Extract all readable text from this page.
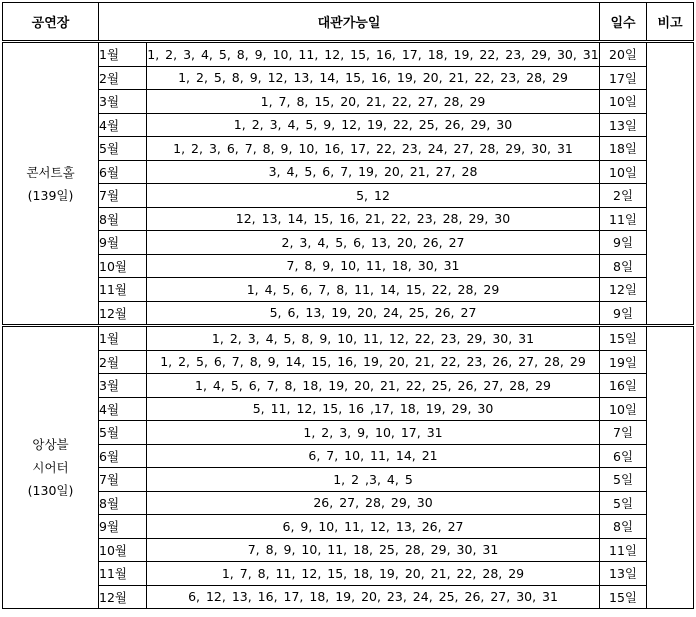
공연장	대관가능일		일수	비고

콘서트홀
(139일)	1월	1, 2, 3, 4, 5, 8, 9, 10, 11, 12, 15, 16, 17, 18, 19, 22, 23, 29, 30, 31	20일	
	2월	1, 2, 5, 8, 9, 12, 13, 14, 15, 16, 19, 20, 21, 22, 23, 28, 29	17일	
	3월	1, 7, 8, 15, 20, 21, 22, 27, 28, 29	10일	
	4월	1, 2, 3, 4, 5, 9, 12, 19, 22, 25, 26, 29, 30	13일	
	5월	1, 2, 3, 6, 7, 8, 9, 10, 16, 17, 22, 23, 24, 27, 28, 29, 30, 31	18일	
	6월	3, 4, 5, 6, 7, 19, 20, 21, 27, 28	10일	
	7월	5, 12	2일	
	8월	12, 13, 14, 15, 16, 21, 22, 23, 28, 29, 30	11일	
	9월	2, 3, 4, 5, 6, 13, 20, 26, 27	9일	
	10월	7, 8, 9, 10, 11, 18, 30, 31	8일	
	11월	1, 4, 5, 6, 7, 8, 11, 14, 15, 22, 28, 29	12일	
	12월	5, 6, 13, 19, 20, 24, 25, 26, 27	9일	

앙상블
시어터
(130일)	1월	1, 2, 3, 4, 5, 8, 9, 10, 11, 12, 22, 23, 29, 30, 31	15일	
	2월	1, 2, 5, 6, 7, 8, 9, 14, 15, 16, 19, 20, 21, 22, 23, 26, 27, 28, 29	19일	
	3월	1, 4, 5, 6, 7, 8, 18, 19, 20, 21, 22, 25, 26, 27, 28, 29	16일	
	4월	5, 11, 12, 15, 16 ,17, 18, 19, 29, 30	10일	
	5월	1, 2, 3, 9, 10, 17, 31	7일	
	6월	6, 7, 10, 11, 14, 21	6일	
	7월	1, 2 ,3, 4, 5	5일	
	8월	26, 27, 28, 29, 30	5일	
	9월	6, 9, 10, 11, 12, 13, 26, 27	8일	
	10월	7, 8, 9, 10, 11, 18, 25, 28, 29, 30, 31	11일	
	11월	1, 7, 8, 11, 12, 15, 18, 19, 20, 21, 22, 28, 29	13일	
	12월	6, 12, 13, 16, 17, 18, 19, 20, 23, 24, 25, 26, 27, 30, 31	15일	
